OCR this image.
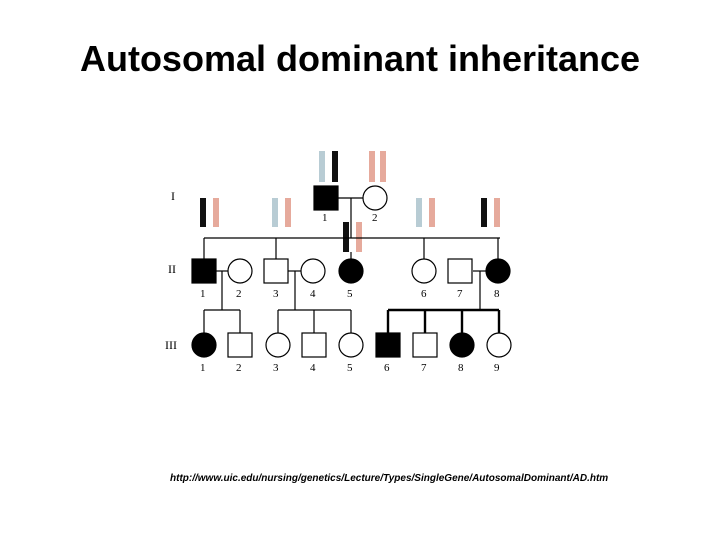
Autosomal dominant inheritance
I
II
III
1	2
1	2	3	4	5	6	7	8
1	2	3	4	5	6	7	8	9
http://www.uic.edu/nursing/genetics/Lecture/Types/SingleGene/AutosomalDominant/AD.htm
